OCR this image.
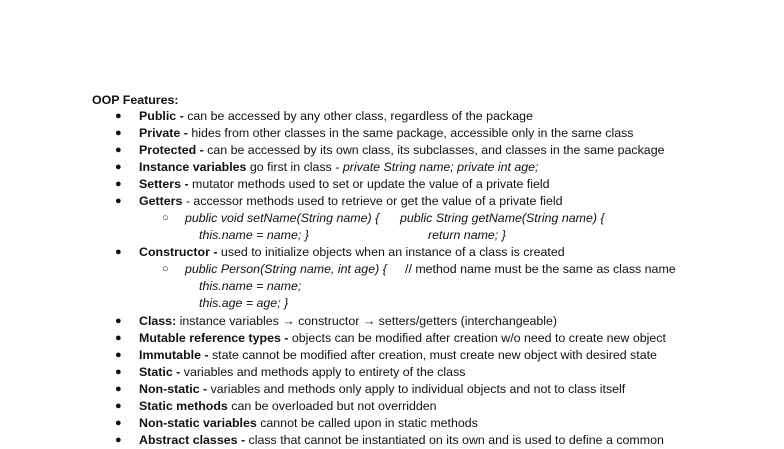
OOP Features:
● Public - can be accessed by any other class, regardless of the package
● Private - hides from other classes in the same package, accessible only in the same class
● Protected - can be accessed by its own class, its subclasses, and classes in the same package
● Instance variables go first in class - private String name; private int age;
● Setters - mutator methods used to set or update the value of a private field
● Getters - accessor methods used to retrieve or get the value of a private field
○ public void setName(String name) { public String getName(String name) {
this.name = name; }	return name; }
● Constructor - used to initialize objects when an instance of a class is created
○ public Person(String name, int age) { // method name must be the same as class name
this.name = name;
this.age = age; }
● Class: instance variables → constructor → setters/getters (interchangeable)
● Mutable reference types - objects can be modified after creation w/o need to create new object
● Immutable - state cannot be modified after creation, must create new object with desired state
● Static - variables and methods apply to entirety of the class
● Non-static - variables and methods only apply to individual objects and not to class itself
● Static methods can be overloaded but not overridden
● Non-static variables cannot be called upon in static methods
● Abstract classes - class that cannot be instantiated on its own and is used to define a common
